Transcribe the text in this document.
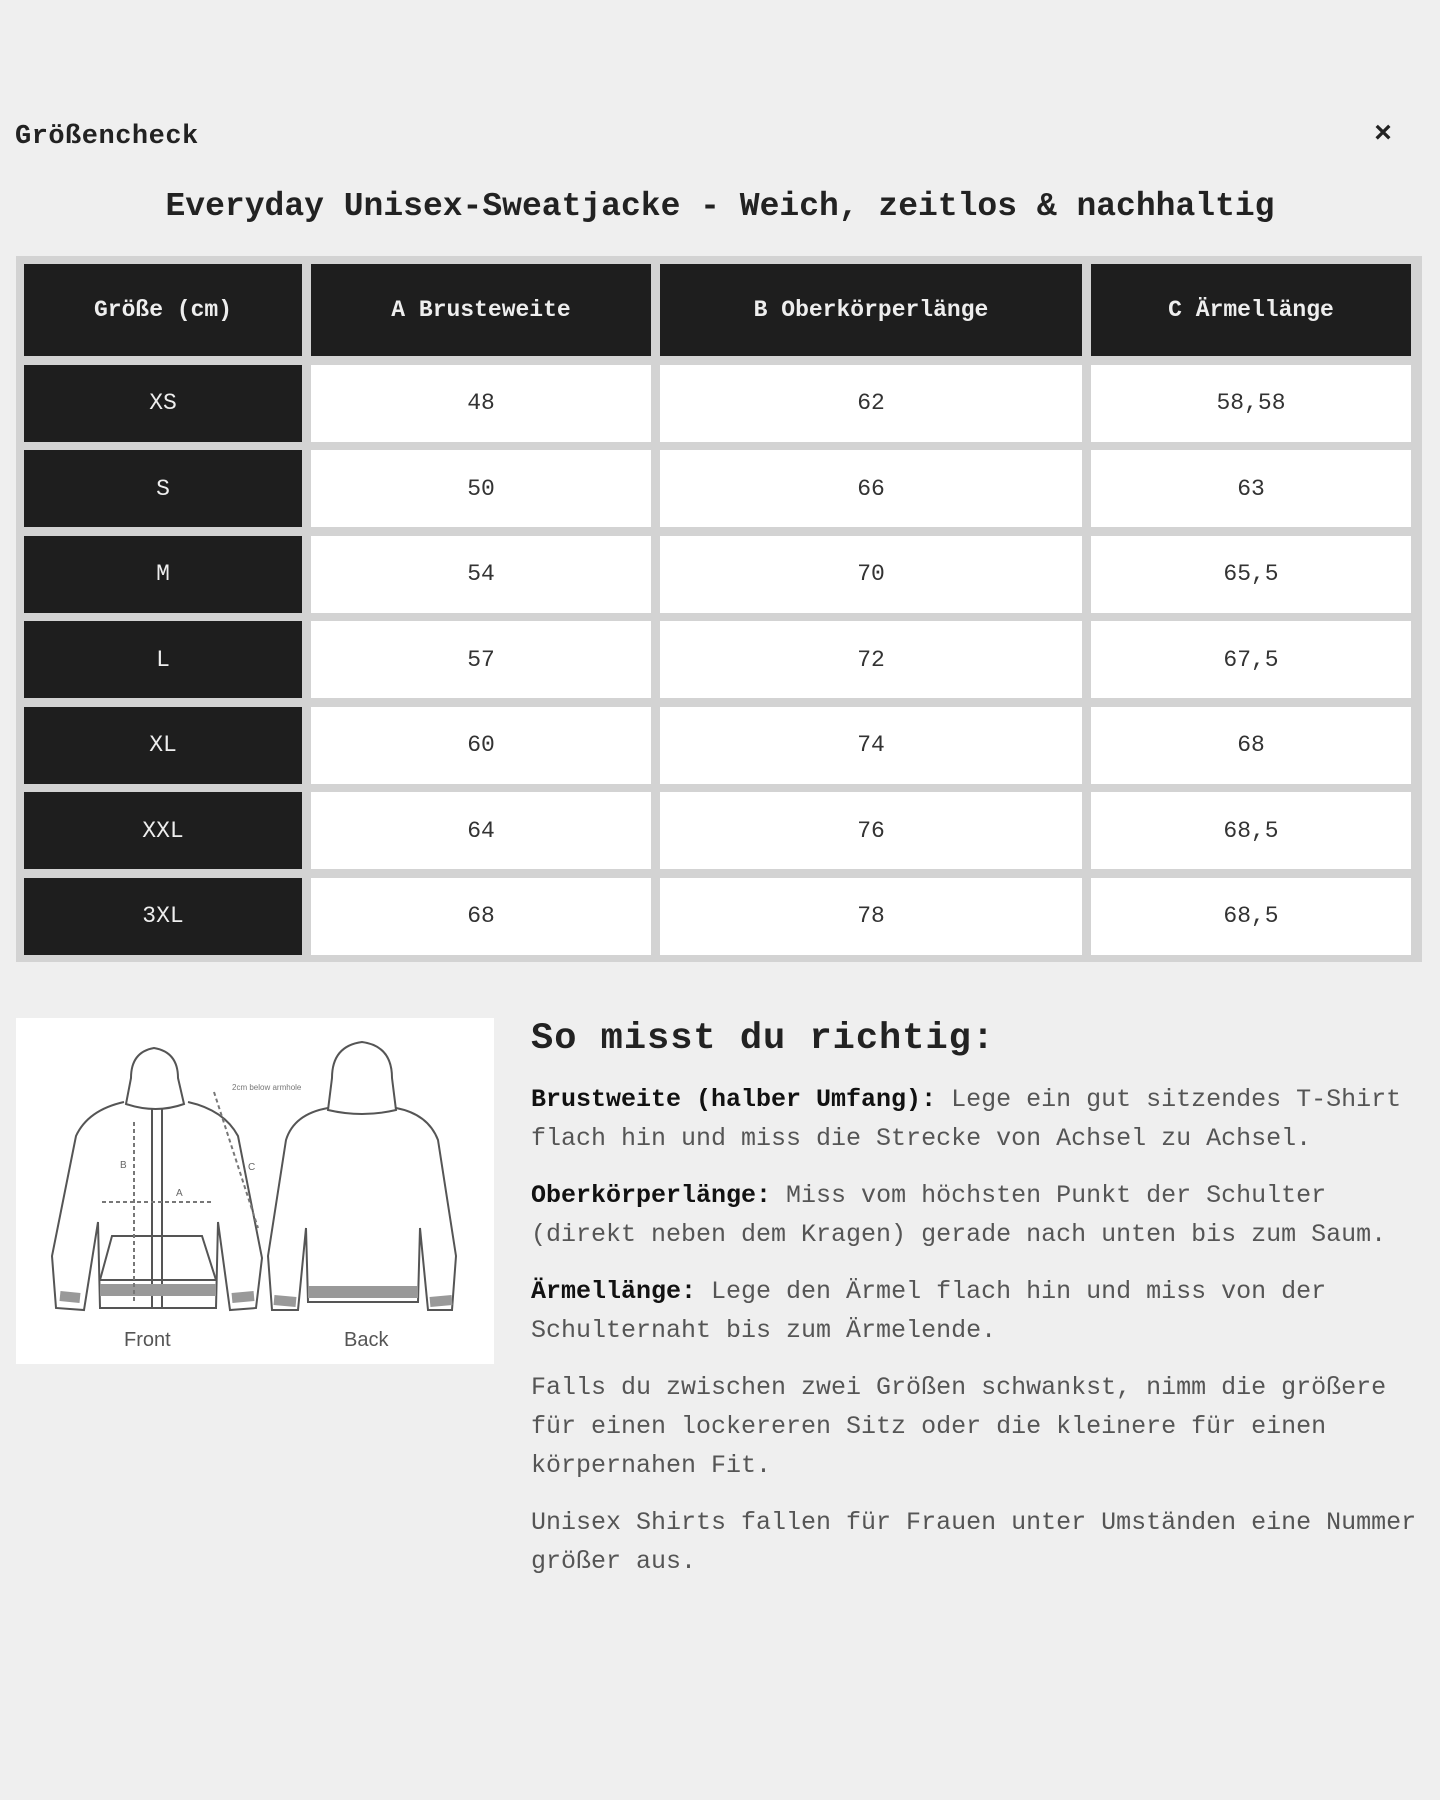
Größencheck	×
Everyday Unisex-Sweatjacke - Weich, zeitlos & nachhaltig
Größe (cm)	A Brusteweite	B Oberkörperlänge	C Ärmellänge
XS	48	62	58,58
S	50	66	63
M	54	70	65,5
L	57	72	67,5
XL	60	74	68
XXL	64	76	68,5
3XL	68	78	68,5
A
B	C
2cm below armhole
Front	Back
So misst du richtig:

Brustweite (halber Umfang): Lege ein gut sitzendes T-Shirt flach hin und miss die Strecke von Achsel zu Achsel.

Oberkörperlänge: Miss vom höchsten Punkt der Schulter (direkt neben dem Kragen) gerade nach unten bis zum Saum.

Ärmellänge: Lege den Ärmel flach hin und miss von der Schulternaht bis zum Ärmelende.

Falls du zwischen zwei Größen schwankst, nimm die größere für einen lockereren Sitz oder die kleinere für einen körpernahen Fit.

Unisex Shirts fallen für Frauen unter Umständen eine Nummer größer aus.
